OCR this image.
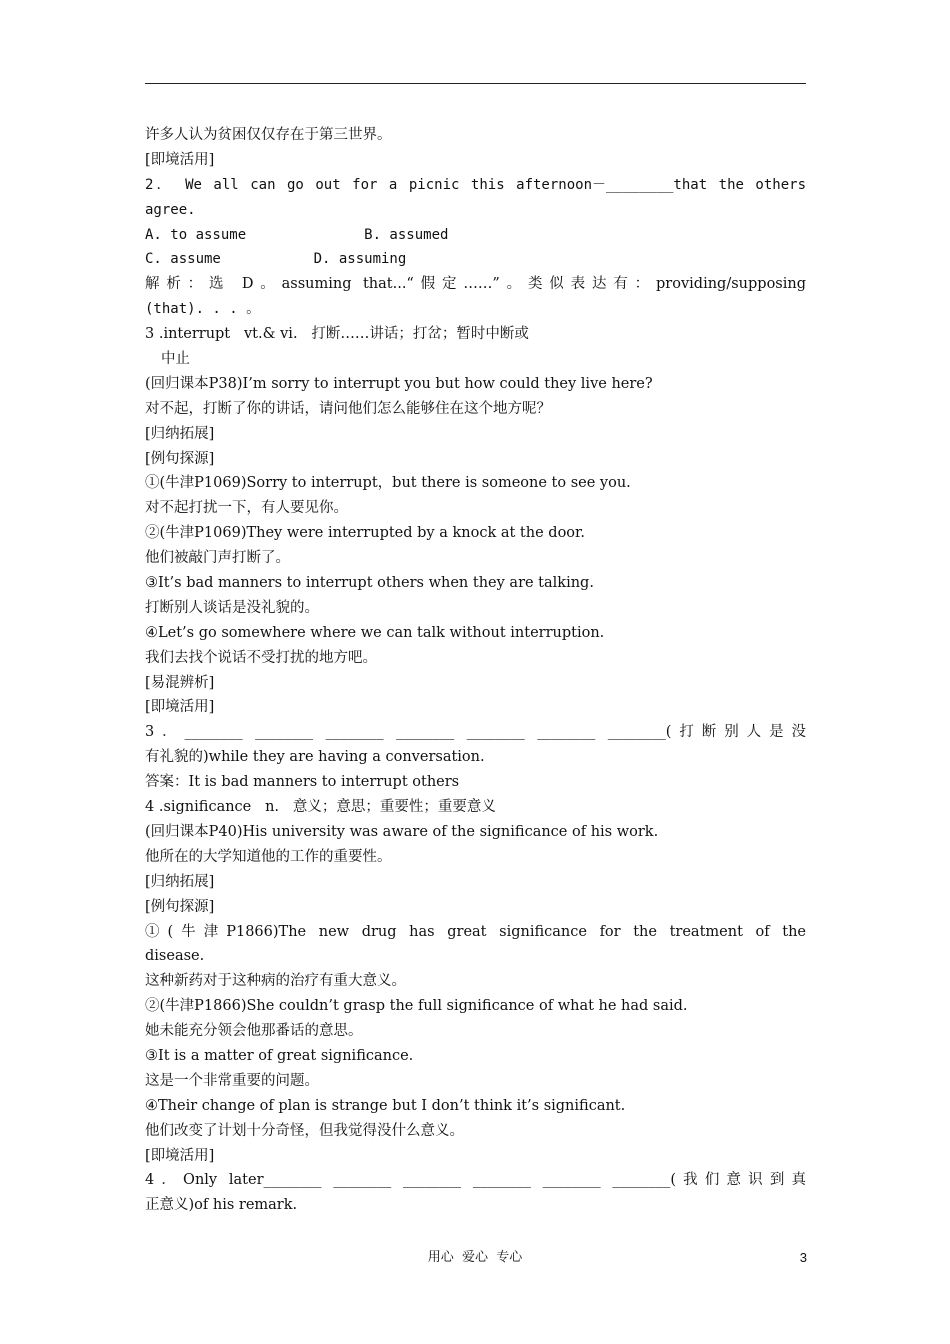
许多人认为贫困仅仅存在于第三世界。
[即境活用]
2． We all can go out for a picnic this afternoon－________that the others
agree.
A. to assume              B. assumed
C. assume           D. assuming
解析：选 D。assuming that...“假定……”。类似表达有：providing/supposing
(that). . . 。
3 .interrupt   vt.& vi.   打断……讲话；打岔；暂时中断或
中止
(回归课本P38)I’m sorry to interrupt you but how could they live here?
对不起，打断了你的讲话，请问他们怎么能够住在这个地方呢？
[归纳拓展]
[例句探源]
①(牛津P1069)Sorry to interrupt，but there is someone to see you.
对不起打扰一下，有人要见你。
②(牛津P1069)They were interrupted by a knock at the door.
他们被敲门声打断了。
③It’s bad manners to interrupt others when they are talking.
打断别人谈话是没礼貌的。
④Let’s go somewhere where we can talk without interruption.
我们去找个说话不受打扰的地方吧。
[易混辨析]
[即境活用]
3．________ ________ ________ ________ ________ ________ ________(打断别人是没
有礼貌的)while they are having a conversation.
答案：It is bad manners to interrupt others
4 .significance   n.   意义；意思；重要性；重要意义
(回归课本P40)His university was aware of the significance of his work.
他所在的大学知道他的工作的重要性。
[归纳拓展]
[例句探源]
①(牛津P1866)The new drug has great significance for the treatment of the
disease.
这种新药对于这种病的治疗有重大意义。
②(牛津P1866)She couldn’t grasp the full significance of what he had said.
她未能充分领会他那番话的意思。
③It is a matter of great significance.
这是一个非常重要的问题。
④Their change of plan is strange but I don’t think it’s significant.
他们改变了计划十分奇怪，但我觉得没什么意义。
[即境活用]
4．Only later________ ________ ________ ________ ________ ________(我们意识到真
正意义)of his remark.
用心  爱心  专心	3
